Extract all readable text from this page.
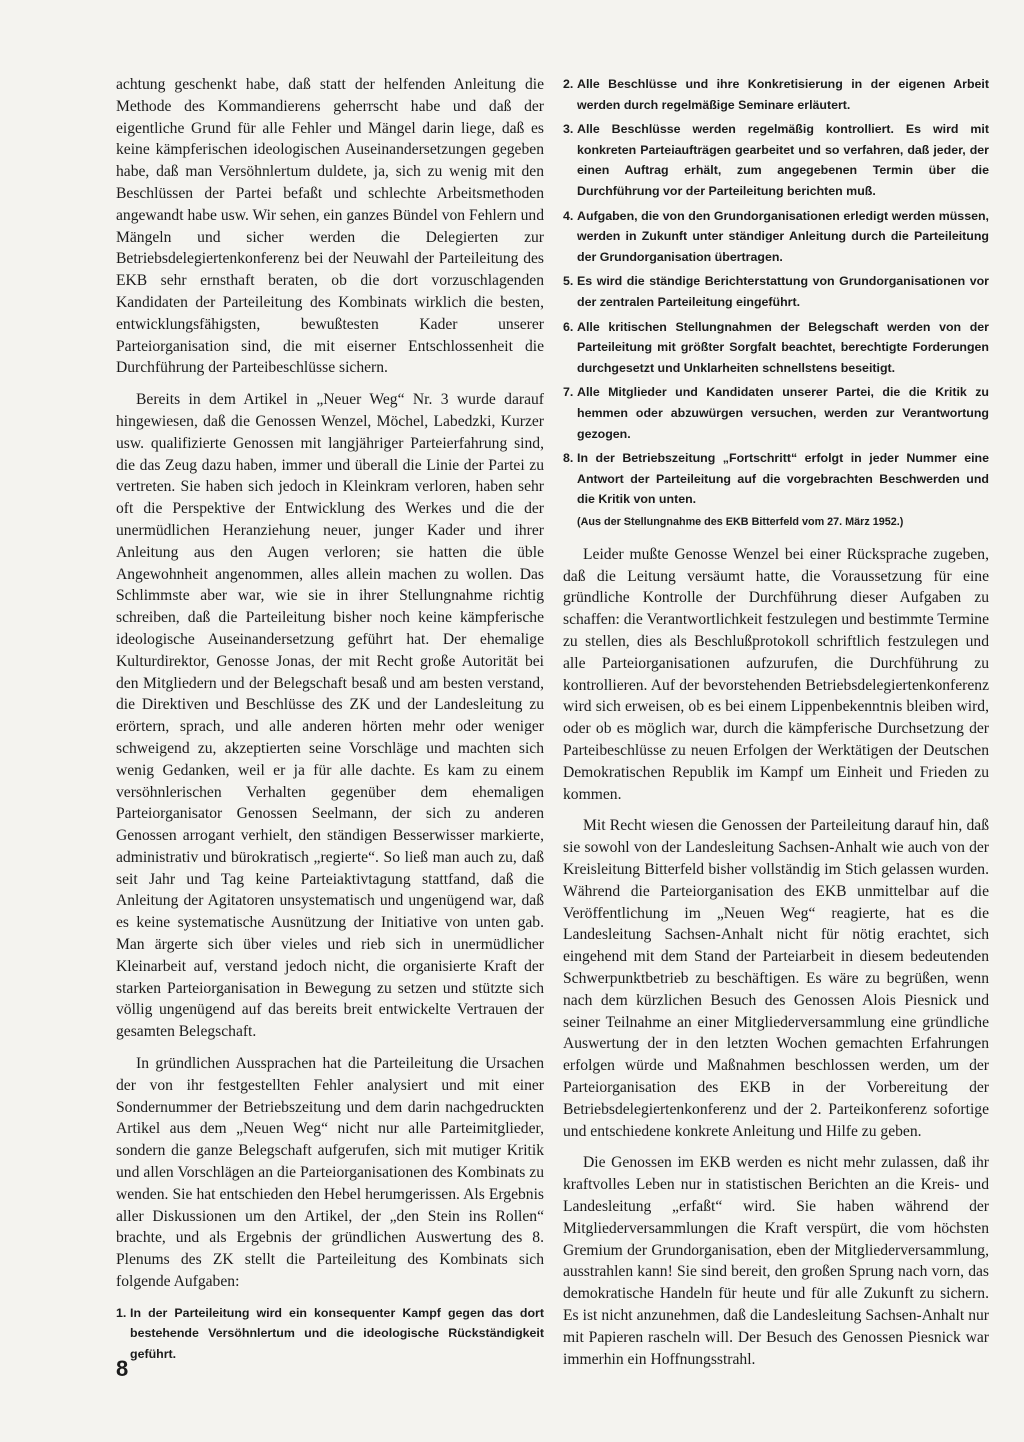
achtung geschenkt habe, daß statt der helfenden Anleitung die Methode des Kommandierens geherrscht habe und daß der eigentliche Grund für alle Fehler und Mängel darin liege, daß es keine kämpferischen ideologischen Auseinandersetzungen gegeben habe, daß man Versöhnlertum duldete, ja, sich zu wenig mit den Beschlüssen der Partei befaßt und schlechte Arbeitsmethoden angewandt habe usw. Wir sehen, ein ganzes Bündel von Fehlern und Mängeln und sicher werden die Delegierten zur Betriebsdelegiertenkonferenz bei der Neuwahl der Parteileitung des EKB sehr ernsthaft beraten, ob die dort vorzuschlagenden Kandidaten der Parteileitung des Kombinats wirklich die besten, entwicklungsfähigsten, bewußtesten Kader unserer Parteiorganisation sind, die mit eiserner Entschlossenheit die Durchführung der Parteibeschlüsse sichern.

Bereits in dem Artikel in „Neuer Weg“ Nr. 3 wurde darauf hingewiesen, daß die Genossen Wenzel, Möchel, Labedzki, Kurzer usw. qualifizierte Genossen mit langjähriger Parteierfahrung sind, die das Zeug dazu haben, immer und überall die Linie der Partei zu vertreten. Sie haben sich jedoch in Kleinkram verloren, haben sehr oft die Perspektive der Entwicklung des Werkes und die der unermüdlichen Heranziehung neuer, junger Kader und ihrer Anleitung aus den Augen verloren; sie hatten die üble Angewohnheit angenommen, alles allein machen zu wollen. Das Schlimmste aber war, wie sie in ihrer Stellungnahme richtig schreiben, daß die Parteileitung bisher noch keine kämpferische ideologische Auseinandersetzung geführt hat. Der ehemalige Kulturdirektor, Genosse Jonas, der mit Recht große Autorität bei den Mitgliedern und der Belegschaft besaß und am besten verstand, die Direktiven und Beschlüsse des ZK und der Landesleitung zu erörtern, sprach, und alle anderen hörten mehr oder weniger schweigend zu, akzeptierten seine Vorschläge und machten sich wenig Gedanken, weil er ja für alle dachte. Es kam zu einem versöhnlerischen Verhalten gegenüber dem ehemaligen Parteiorganisator Genossen Seelmann, der sich zu anderen Genossen arrogant verhielt, den ständigen Besserwisser markierte, administrativ und bürokratisch „regierte“. So ließ man auch zu, daß seit Jahr und Tag keine Parteiaktivtagung stattfand, daß die Anleitung der Agitatoren unsystematisch und ungenügend war, daß es keine systematische Ausnützung der Initiative von unten gab. Man ärgerte sich über vieles und rieb sich in unermüdlicher Kleinarbeit auf, verstand jedoch nicht, die organisierte Kraft der starken Parteiorganisation in Bewegung zu setzen und stützte sich völlig ungenügend auf das bereits breit entwickelte Vertrauen der gesamten Belegschaft.

In gründlichen Aussprachen hat die Parteileitung die Ursachen der von ihr festgestellten Fehler analysiert und mit einer Sondernummer der Betriebszeitung und dem darin nachgedruckten Artikel aus dem „Neuen Weg“ nicht nur alle Parteimitglieder, sondern die ganze Belegschaft aufgerufen, sich mit mutiger Kritik und allen Vorschlägen an die Parteiorganisationen des Kombinats zu wenden. Sie hat entschieden den Hebel herumgerissen. Als Ergebnis aller Diskussionen um den Artikel, der „den Stein ins Rollen“ brachte, und als Ergebnis der gründlichen Auswertung des 8. Plenums des ZK stellt die Parteileitung des Kombinats sich folgende Aufgaben:

1. In der Parteileitung wird ein konsequenter Kampf gegen das dort bestehende Versöhnlertum und die ideologische Rückständigkeit geführt.
2. Alle Beschlüsse und ihre Konkretisierung in der eigenen Arbeit werden durch regelmäßige Seminare erläutert.
3. Alle Beschlüsse werden regelmäßig kontrolliert. Es wird mit konkreten Parteiaufträgen gearbeitet und so verfahren, daß jeder, der einen Auftrag erhält, zum angegebenen Termin über die Durchführung vor der Parteileitung berichten muß.
4. Aufgaben, die von den Grundorganisationen erledigt werden müssen, werden in Zukunft unter ständiger Anleitung durch die Parteileitung der Grundorganisation übertragen.
5. Es wird die ständige Berichterstattung von Grundorganisationen vor der zentralen Parteileitung eingeführt.
6. Alle kritischen Stellungnahmen der Belegschaft werden von der Parteileitung mit größter Sorgfalt beachtet, berechtigte Forderungen durchgesetzt und Unklarheiten schnellstens beseitigt.
7. Alle Mitglieder und Kandidaten unserer Partei, die die Kritik zu hemmen oder abzuwürgen versuchen, werden zur Verantwortung gezogen.
8. In der Betriebszeitung „Fortschritt“ erfolgt in jeder Nummer eine Antwort der Parteileitung auf die vorgebrachten Beschwerden und die Kritik von unten.
(Aus der Stellungnahme des EKB Bitterfeld vom 27. März 1952.)

Leider mußte Genosse Wenzel bei einer Rücksprache zugeben, daß die Leitung versäumt hatte, die Voraussetzung für eine gründliche Kontrolle der Durchführung dieser Aufgaben zu schaffen: die Verantwortlichkeit festzulegen und bestimmte Termine zu stellen, dies als Beschlußprotokoll schriftlich festzulegen und alle Parteiorganisationen aufzurufen, die Durchführung zu kontrollieren. Auf der bevorstehenden Betriebsdelegiertenkonferenz wird sich erweisen, ob es bei einem Lippenbekenntnis bleiben wird, oder ob es möglich war, durch die kämpferische Durchsetzung der Parteibeschlüsse zu neuen Erfolgen der Werktätigen der Deutschen Demokratischen Republik im Kampf um Einheit und Frieden zu kommen.

Mit Recht wiesen die Genossen der Parteileitung darauf hin, daß sie sowohl von der Landesleitung Sachsen-Anhalt wie auch von der Kreisleitung Bitterfeld bisher vollständig im Stich gelassen wurden. Während die Parteiorganisation des EKB unmittelbar auf die Veröffentlichung im „Neuen Weg“ reagierte, hat es die Landesleitung Sachsen-Anhalt nicht für nötig erachtet, sich eingehend mit dem Stand der Parteiarbeit in diesem bedeutenden Schwerpunktbetrieb zu beschäftigen. Es wäre zu begrüßen, wenn nach dem kürzlichen Besuch des Genossen Alois Piesnick und seiner Teilnahme an einer Mitgliederversammlung eine gründliche Auswertung der in den letzten Wochen gemachten Erfahrungen erfolgen würde und Maßnahmen beschlossen werden, um der Parteiorganisation des EKB in der Vorbereitung der Betriebsdelegiertenkonferenz und der 2. Parteikonferenz sofortige und entschiedene konkrete Anleitung und Hilfe zu geben.

Die Genossen im EKB werden es nicht mehr zulassen, daß ihr kraftvolles Leben nur in statistischen Berichten an die Kreis- und Landesleitung „erfaßt“ wird. Sie haben während der Mitgliederversammlungen die Kraft verspürt, die vom höchsten Gremium der Grundorganisation, eben der Mitgliederversammlung, ausstrahlen kann! Sie sind bereit, den großen Sprung nach vorn, das demokratische Handeln für heute und für alle Zukunft zu sichern. Es ist nicht anzunehmen, daß die Landesleitung Sachsen-Anhalt nur mit Papieren rascheln will. Der Besuch des Genossen Piesnick war immerhin ein Hoffnungsstrahl.

8
